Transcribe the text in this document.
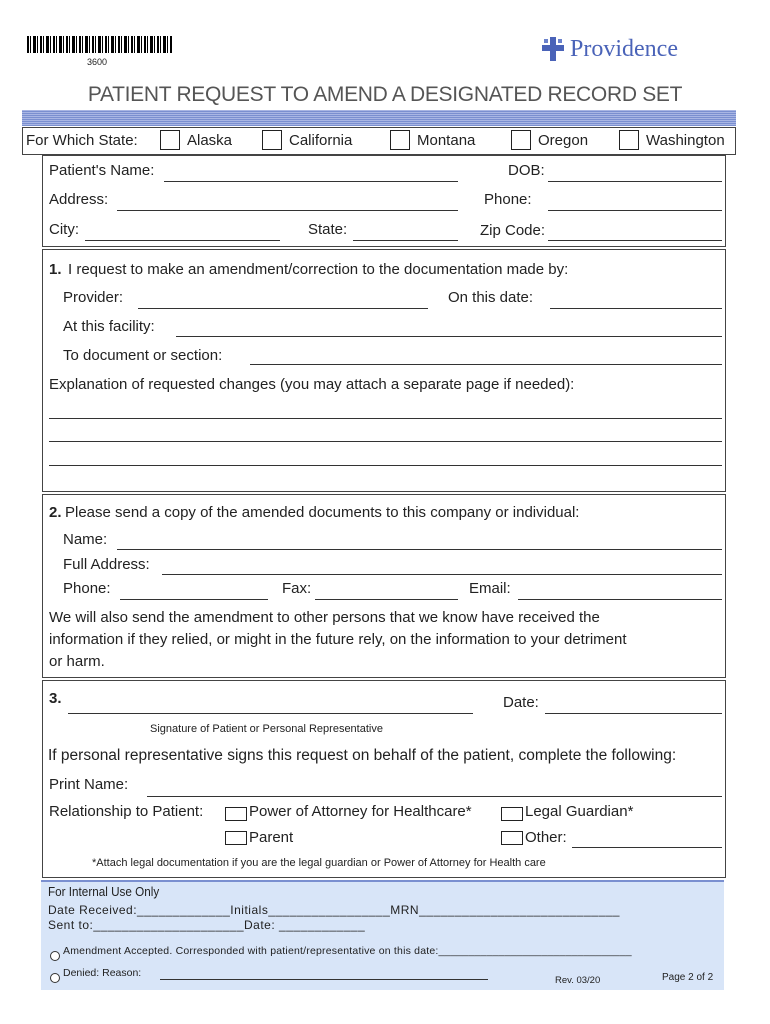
3600	Providence
PATIENT REQUEST TO AMEND A DESIGNATED RECORD SET
For Which State:	Alaska	California	Montana	Oregon	Washington
Patient's Name:	DOB:
Address:	Phone:
City:	State:	Zip Code:
1. I request to make an amendment/correction to the documentation made by:
Provider:	On this date:
At this facility:
To document or section:
Explanation of requested changes (you may attach a separate page if needed):
2. Please send a copy of the amended documents to this company or individual:
Name:
Full Address:
Phone:	Fax:	Email:
We will also send the amendment to other persons that we know have received the
information if they relied, or might in the future rely, on the information to your detriment
or harm.
3.	Date:
Signature of Patient or Personal Representative
If personal representative signs this request on behalf of the patient, complete the following:
Print Name:
Relationship to Patient:	Power of Attorney for Healthcare*	Legal Guardian*
Parent	Other:
*Attach legal documentation if you are the legal guardian or Power of Attorney for Health care
For Internal Use Only
Date Received:_____________Initials_________________MRN____________________________
Sent to:_____________________Date: ____________
Amendment Accepted. Corresponded with patient/representative on this date:________________________________
Denied: Reason:
Rev. 03/20	Page 2 of 2
